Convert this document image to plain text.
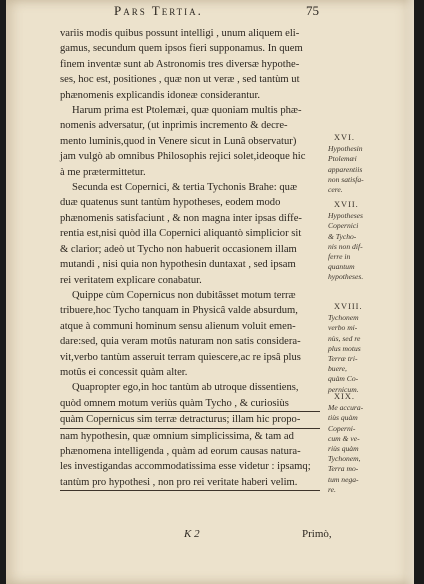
Pars Tertia.	75
variis modis quibus possunt intelligi , unum aliquem eli-
gamus, secundum quem ipsos fieri supponamus. In quem
finem inventæ sunt ab Astronomis tres diversæ hypothe-
ses, hoc est, positiones , quæ non ut veræ , sed tantùm ut
phænomenis explicandis idoneæ considerantur.
Harum prima est Ptolemæi, quæ quoniam multis phæ-
nomenis adversatur, (ut inprimis incremento & decre-
mento luminis,quod in Venere sicut in Lunâ observatur)
jam vulgò ab omnibus Philosophis rejici solet,ideoque hic
à me prætermittetur.
Secunda est Copernici, & tertia Tychonis Brahe: quæ
duæ quatenus sunt tantùm hypotheses, eodem modo
phænomenis satisfaciunt , & non magna inter ipsas diffe-
rentia est,nisi quòd illa Copernici aliquantò simplicior sit
& clarior; adeò ut Tycho non habuerit occasionem illam
mutandi , nisi quia non hypothesin duntaxat , sed ipsam
rei veritatem explicare conabatur.
Quippe cùm Copernicus non dubitâsset motum terræ
tribuere,hoc Tycho tanquam in Physicâ valde absurdum,
atque à communi hominum sensu alienum voluit emen-
dare:sed, quia veram motûs naturam non satis considera-
vit,verbo tantùm asseruit terram quiescere,ac re ipsâ plus
motûs ei concessit quàm alter.
Quapropter ego,in hoc tantùm ab utroque dissentiens,
quòd omnem motum veriùs quàm Tycho , & curiosiùs
quàm Copernicus sim terræ detracturus; illam hic propo-
nam hypothesin, quæ omnium simplicissima, & tam ad
phænomena intelligenda , quàm ad eorum causas natura-
les investigandas accommodatissima esse videtur : ipsamq;
tantùm pro hypothesi , non pro rei veritate haberi velim.
XVI.
Hypothesin
Ptolemæi
apparentiis
non satisfa-
cere.
XVII.
Hypotheses
Copernici
& Tycho-
nis non dif-
ferre in
quantum
hypotheses.
XVIII.
Tychonem
verbo mi-
nùs, sed re
plus motus
Terræ tri-
buere,
quàm Co-
pernicum.
XIX.
Me accura-
tiùs quàm
Coperni-
cum & ve-
riùs quàm
Tychonem,
Terra mo-
tum nega-
re.
K 2	Primò,
